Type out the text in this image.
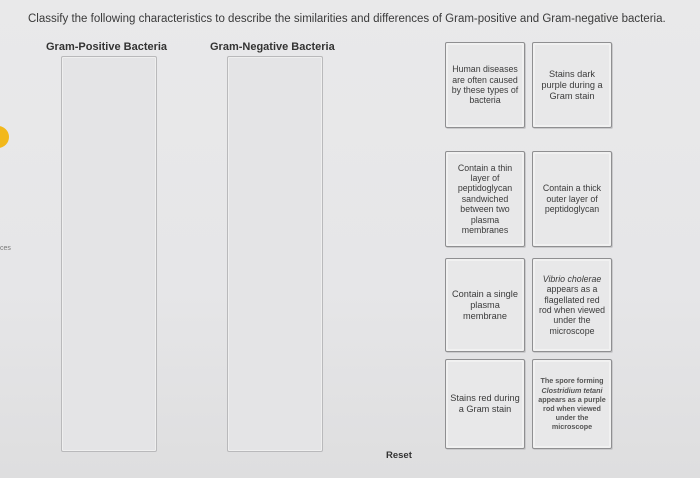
Classify the following characteristics to describe the similarities and differences of Gram-positive and Gram-negative bacteria.
Gram-Positive Bacteria	Gram-Negative Bacteria
ces
Human diseases are often caused by these types of bacteria
Stains dark purple during a Gram stain
Contain a thin layer of peptidoglycan sandwiched between two plasma membranes
Contain a thick outer layer of peptidoglycan
Contain a single plasma membrane
Vibrio cholerae appears as a flagellated red rod when viewed under the microscope
Stains red during a Gram stain
The spore forming Clostridium tetani appears as a purple rod when viewed under the microscope
Reset
